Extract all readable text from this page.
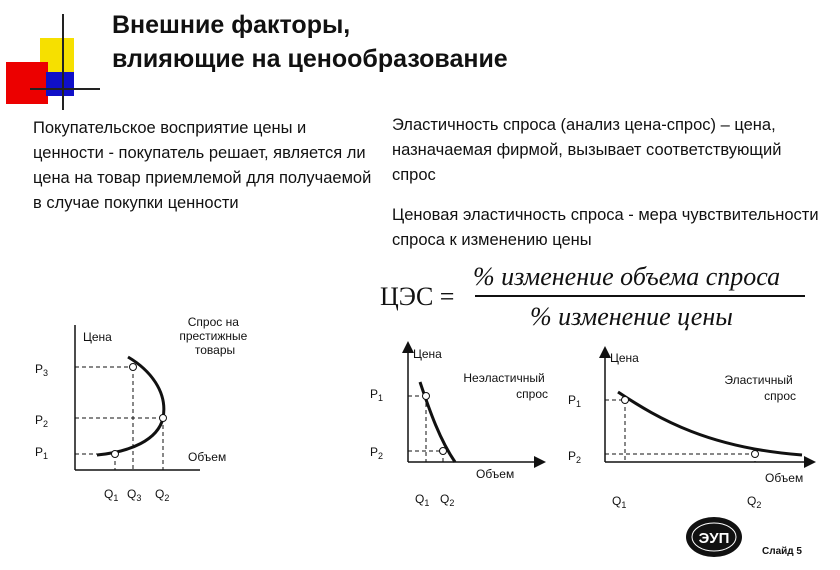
Внешние факторы,
влияющие на ценообразование
Покупательское восприятие цены и ценности - покупатель решает, является ли цена на товар приемлемой для получаемой в случае покупки ценности
Эластичность спроса (анализ цена-спрос) – цена, назначаемая фирмой, вызывает соответствующий спрос
Ценовая эластичность спроса - мера чувствительности спроса к изменению цены
ЦЭС =
% изменение объема спроса
% изменение цены
Цена
Спрос на престижные товары
$P_3$
$P_2$
$P_1$
$Q_1$ $Q_3$ $Q_2$
Объем
Цена
Неэластичный спрос
$P_1$
$P_2$
$Q_1$ $Q_2$
Объем
Цена
Эластичный спрос
$P_1$
$P_2$
$Q_1$	$Q_2$
Объем
ЭУП
Слайд 5
